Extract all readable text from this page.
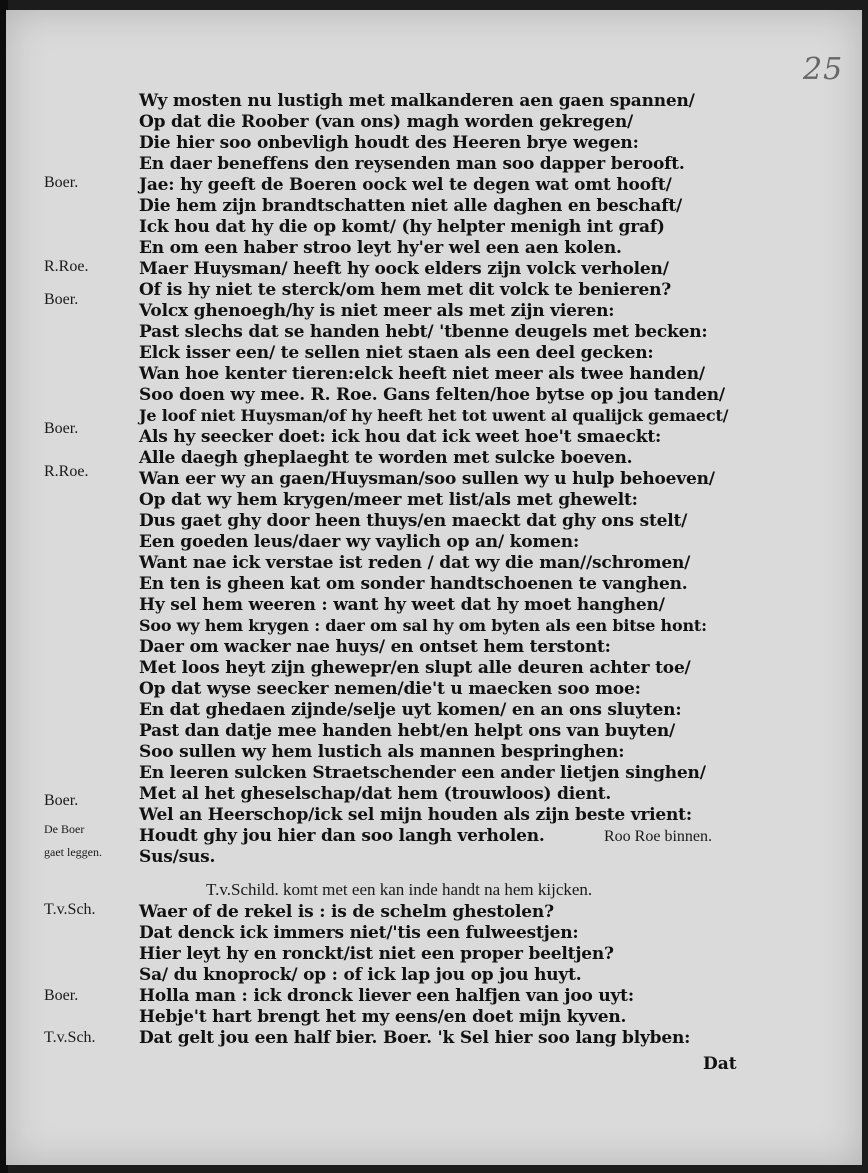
25
Boer.
R.Roe.
Boer.
Boer.
R.Roe.
Boer.
De Boer
gaet leggen.
T.v.Sch.
Boer.
T.v.Sch.
Wy mosten nu lustigh met malkanderen aen gaen spannen/
Op dat die Roober (van ons) magh worden gekregen/
Die hier soo onbevligh houdt des Heeren brye wegen:
En daer beneffens den reysenden man soo dapper berooft.
Jae: hy geeft de Boeren oock wel te degen wat omt hooft/
Die hem zijn brandtschatten niet alle daghen en beschaft/
Ick hou dat hy die op komt/ (hy helpter menigh int graf)
En om een haber stroo leyt hy'er wel een aen kolen.
Maer Huysman/ heeft hy oock elders zijn volck verholen/
Of is hy niet te sterck/om hem met dit volck te benieren?
Volcx ghenoegh/hy is niet meer als met zijn vieren:
Past slechs dat se handen hebt/ 'tbenne deugels met becken:
Elck isser een/ te sellen niet staen als een deel gecken:
Wan hoe kenter tieren:elck heeft niet meer als twee handen/
Soo doen wy mee. R. Roe. Gans felten/hoe bytse op jou tanden/
Je loof niet Huysman/of hy heeft het tot uwent al qualijck gemaect/
Als hy seecker doet: ick hou dat ick weet hoe't smaeckt:
Alle daegh gheplaeght te worden met sulcke boeven.
Wan eer wy an gaen/Huysman/soo sullen wy u hulp behoeven/
Op dat wy hem krygen/meer met list/als met ghewelt:
Dus gaet ghy door heen thuys/en maeckt dat ghy ons stelt/
Een goeden leus/daer wy vaylich op an/ komen:
Want nae ick verstae ist reden / dat wy die man//schromen/
En ten is gheen kat om sonder handtschoenen te vanghen.
Hy sel hem weeren : want hy weet dat hy moet hanghen/
Soo wy hem krygen : daer om sal hy om byten als een bitse hont:
Daer om wacker nae huys/ en ontset hem terstont:
Met loos heyt zijn ghewepr/en slupt alle deuren achter toe/
Op dat wyse seecker nemen/die't u maecken soo moe:
En dat ghedaen zijnde/selje uyt komen/ en an ons sluyten:
Past dan datje mee handen hebt/en helpt ons van buyten/
Soo sullen wy hem lustich als mannen bespringhen:
En leeren sulcken Straetschender een ander lietjen singhen/
Met al het gheselschap/dat hem (trouwloos) dient.
Wel an Heerschop/ick sel mijn houden als zijn beste vrient:
Houdt ghy jou hier dan soo langh verholen.
Sus/sus.
Roo Roe binnen.
T.v.Schild. komt met een kan inde handt na hem kijcken.
Waer of de rekel is : is de schelm ghestolen?
Dat denck ick immers niet/'tis een fulweestjen:
Hier leyt hy en ronckt/ist niet een proper beeltjen?
Sa/ du knoprock/ op : of ick lap jou op jou huyt.
Holla man : ick dronck liever een halfjen van joo uyt:
Hebje't hart brengt het my eens/en doet mijn kyven.
Dat gelt jou een half bier. Boer. 'k Sel hier soo lang blyben:
Dat
